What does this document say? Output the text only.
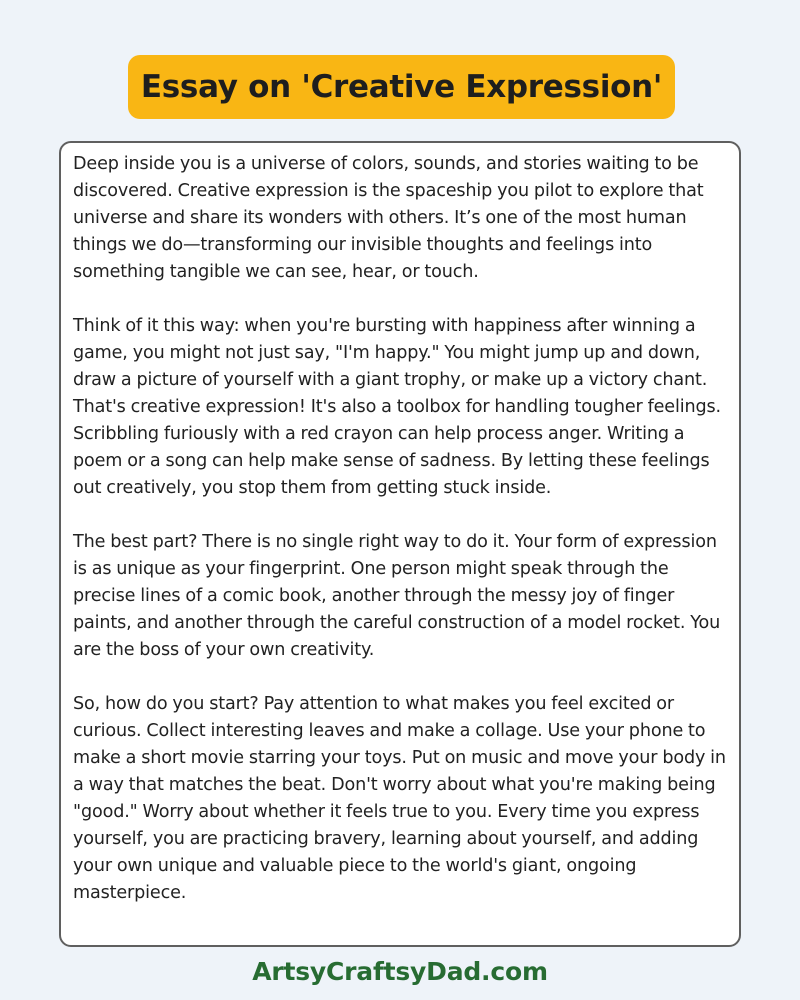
Essay on 'Creative Expression'

Deep inside you is a universe of colors, sounds, and stories waiting to be discovered. Creative expression is the spaceship you pilot to explore that universe and share its wonders with others. It’s one of the most human things we do—transforming our invisible thoughts and feelings into something tangible we can see, hear, or touch.

Think of it this way: when you're bursting with happiness after winning a game, you might not just say, "I'm happy." You might jump up and down, draw a picture of yourself with a giant trophy, or make up a victory chant. That's creative expression! It's also a toolbox for handling tougher feelings. Scribbling furiously with a red crayon can help process anger. Writing a poem or a song can help make sense of sadness. By letting these feelings out creatively, you stop them from getting stuck inside.

The best part? There is no single right way to do it. Your form of expression is as unique as your fingerprint. One person might speak through the precise lines of a comic book, another through the messy joy of finger paints, and another through the careful construction of a model rocket. You are the boss of your own creativity.

So, how do you start? Pay attention to what makes you feel excited or curious. Collect interesting leaves and make a collage. Use your phone to make a short movie starring your toys. Put on music and move your body in a way that matches the beat. Don't worry about what you're making being "good." Worry about whether it feels true to you. Every time you express yourself, you are practicing bravery, learning about yourself, and adding your own unique and valuable piece to the world's giant, ongoing masterpiece.

ArtsyCraftsyDad.com
